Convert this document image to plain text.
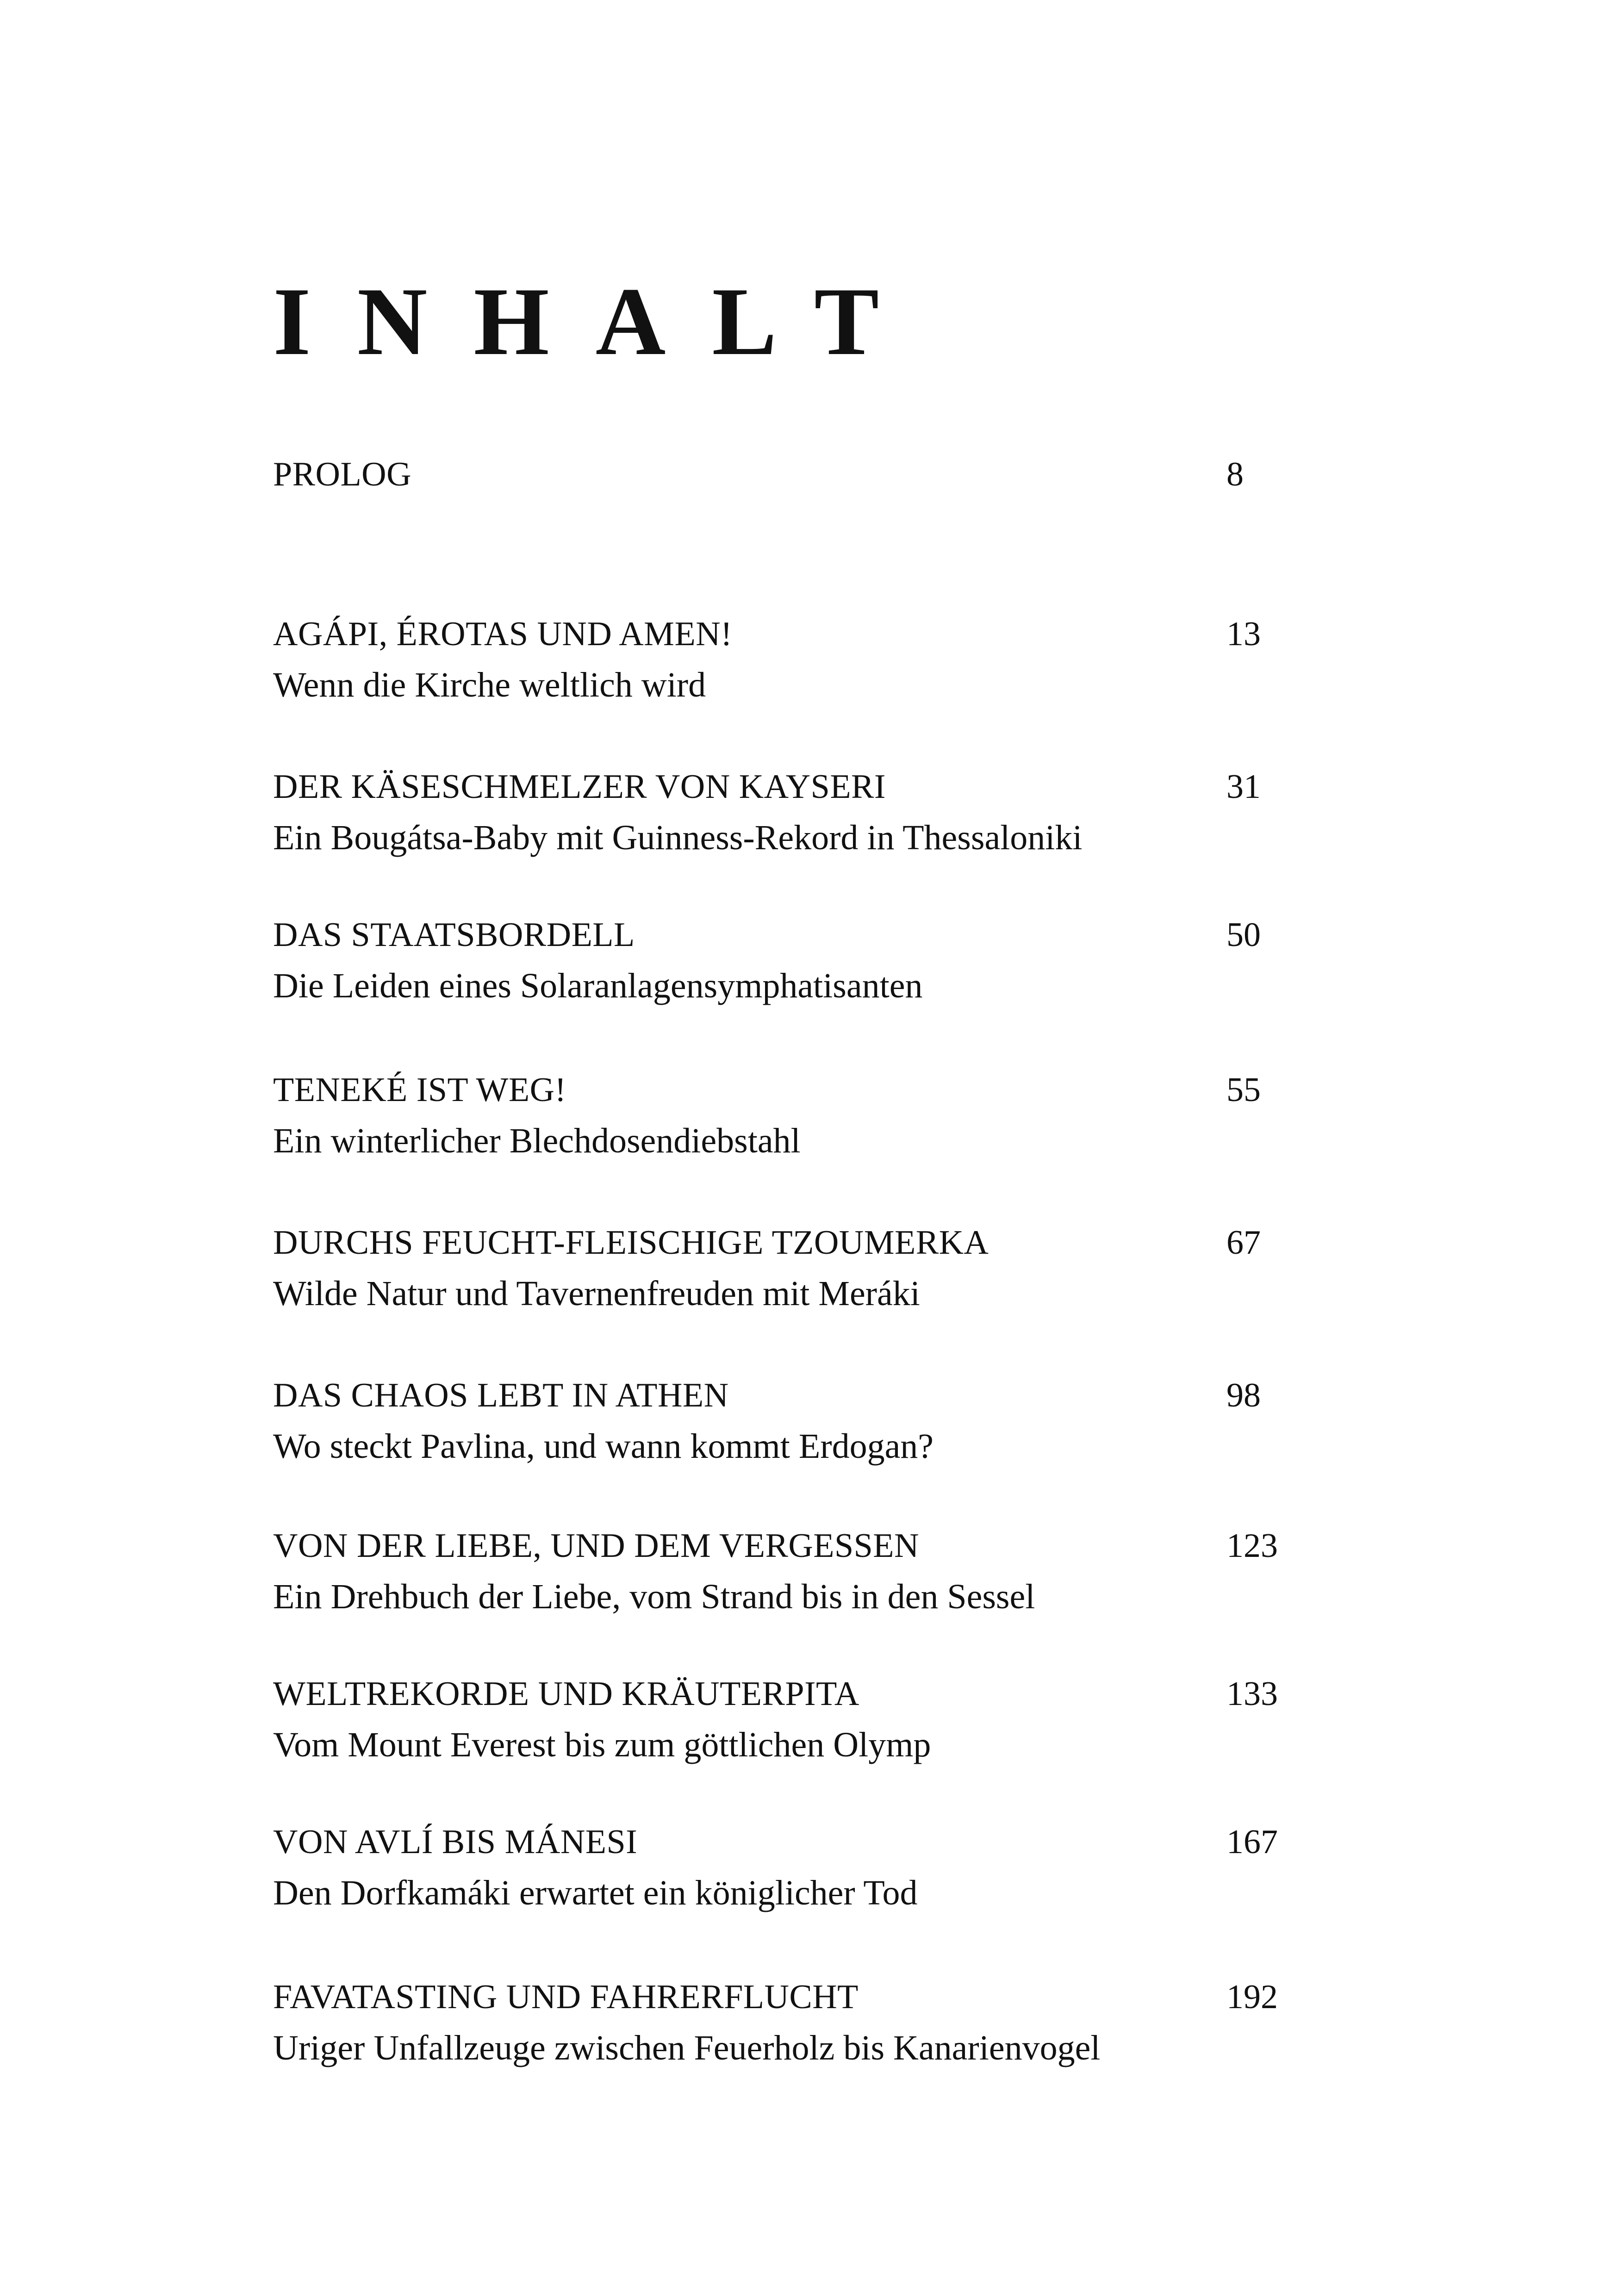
INHALT
PROLOG	8
AGÁPI, ÉROTAS UND AMEN!
Wenn die Kirche weltlich wird
13
DER KÄSESCHMELZER VON KAYSERI
Ein Bougátsa-Baby mit Guinness-Rekord in Thessaloniki
31
DAS STAATSBORDELL
Die Leiden eines Solaranlagensymphatisanten
50
TENEKÉ IST WEG!
Ein winterlicher Blechdosendiebstahl
55
DURCHS FEUCHT-FLEISCHIGE TZOUMERKA
Wilde Natur und Tavernenfreuden mit Meráki
67
DAS CHAOS LEBT IN ATHEN
Wo steckt Pavlina, und wann kommt Erdogan?
98
VON DER LIEBE, UND DEM VERGESSEN
Ein Drehbuch der Liebe, vom Strand bis in den Sessel
123
WELTREKORDE UND KRÄUTERPITA
Vom Mount Everest bis zum göttlichen Olymp
133
VON AVLÍ BIS MÁNESI
Den Dorfkamáki erwartet ein königlicher Tod
167
FAVATASTING UND FAHRERFLUCHT
Uriger Unfallzeuge zwischen Feuerholz bis Kanarienvogel
192
